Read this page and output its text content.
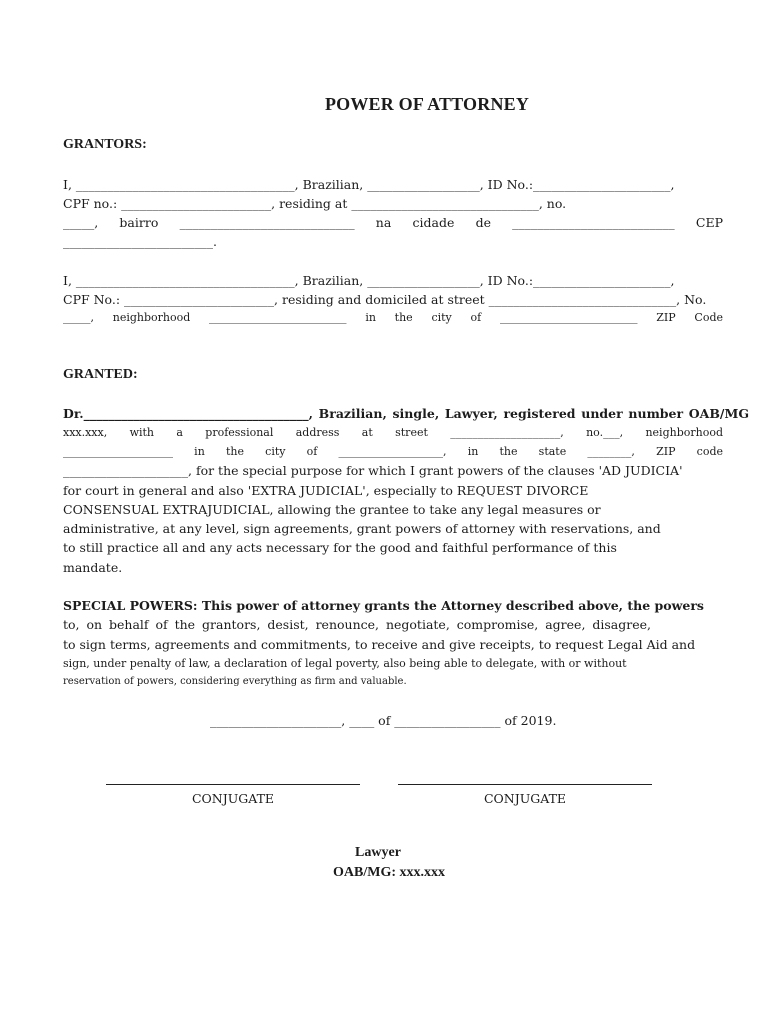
POWER OF ATTORNEY
GRANTORS:
I, ___________________________________, Brazilian, __________________, ID No.:______________________,
CPF no.: ________________________, residing at ______________________________, no.
_____, bairro ____________________________ na cidade de __________________________ CEP
________________________.
I, ___________________________________, Brazilian, __________________, ID No.:______________________,
CPF No.: ________________________, residing and domiciled at street ______________________________, No.
_____, neighborhood _________________________ in the city of _________________________ ZIP Code
GRANTED:
Dr.____________________________________, Brazilian, single, Lawyer, registered under number OAB/MG
xxx.xxx, with a professional address at street ____________________, no.___, neighborhood
____________________ in the city of ___________________, in the state ________, ZIP code
____________________, for the special purpose for which I grant powers of the clauses 'AD JUDICIA'
for court in general and also 'EXTRA JUDICIAL', especially to REQUEST DIVORCE
CONSENSUAL EXTRAJUDICIAL, allowing the grantee to take any legal measures or
administrative, at any level, sign agreements, grant powers of attorney with reservations, and
to still practice all and any acts necessary for the good and faithful performance of this
mandate.
SPECIAL POWERS: This power of attorney grants the Attorney described above, the powers
to, on behalf of the grantors, desist, renounce, negotiate, compromise, agree, disagree,
to sign terms, agreements and commitments, to receive and give receipts, to request Legal Aid and
sign, under penalty of law, a declaration of legal poverty, also being able to delegate, with or without
reservation of powers, considering everything as firm and valuable.
_____________________, ____ of _________________ of 2019.
CONJUGATE	CONJUGATE
Lawyer
OAB/MG: xxx.xxx
